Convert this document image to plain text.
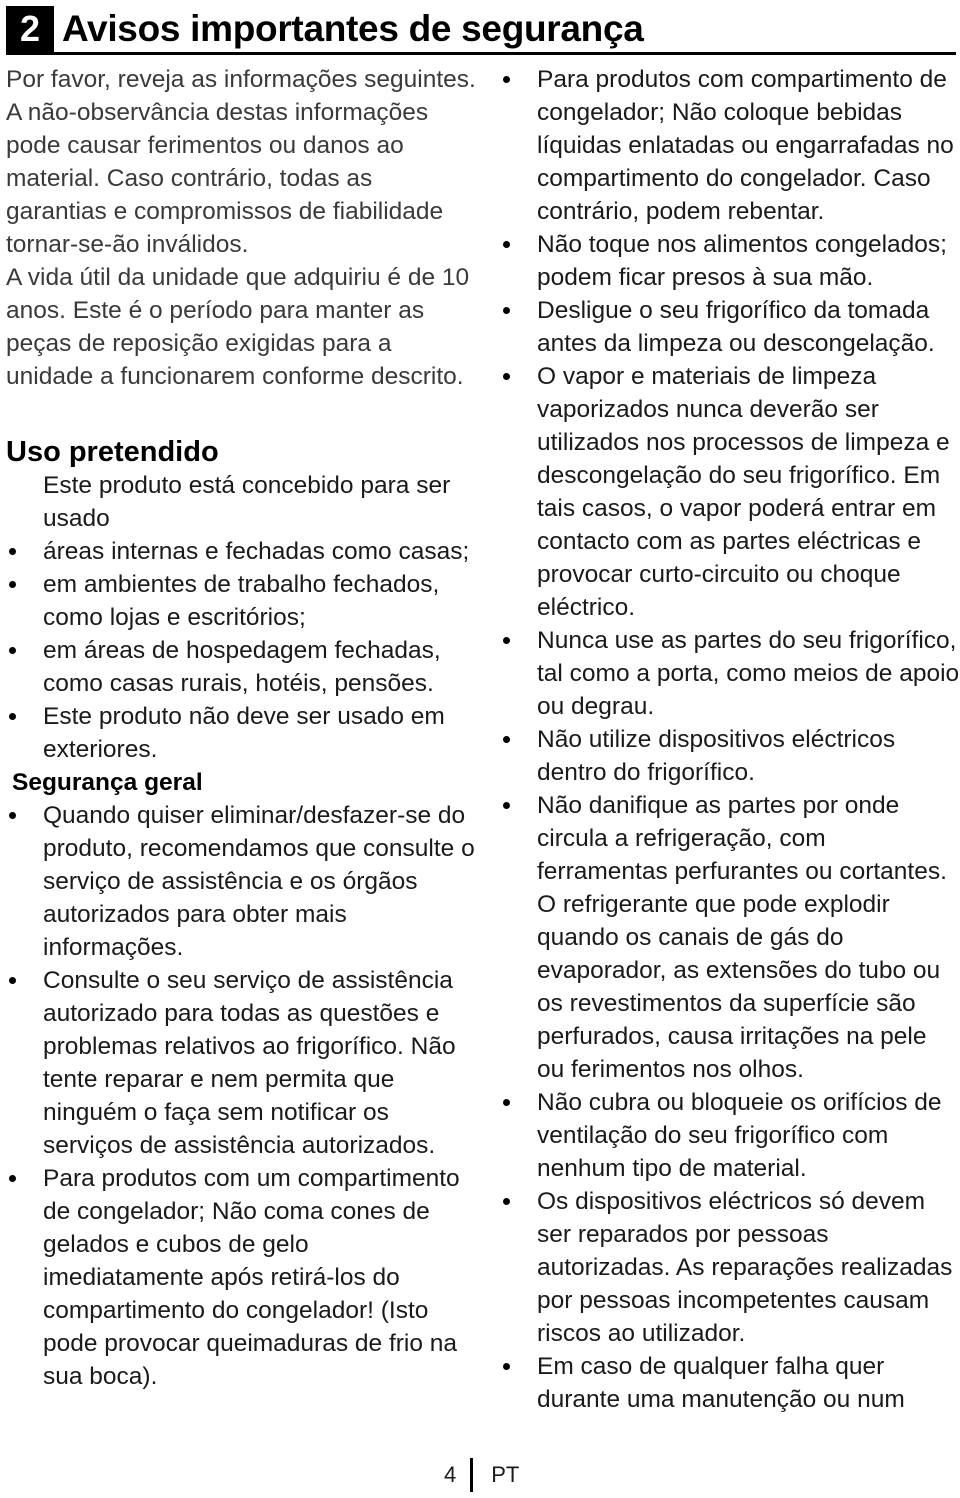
2 Avisos importantes de segurança

Por favor, reveja as informações seguintes. A não-observância destas informações pode causar ferimentos ou danos ao material. Caso contrário, todas as garantias e compromissos de fiabilidade tornar-se-ão inválidos.

A vida útil da unidade que adquiriu é de 10 anos. Este é o período para manter as peças de reposição exigidas para a unidade a funcionarem conforme descrito.

Uso pretendido
Este produto está concebido para ser usado
áreas internas e fechadas como casas;
em ambientes de trabalho fechados, como lojas e escritórios;
em áreas de hospedagem fechadas, como casas rurais, hotéis, pensões.
Este produto não deve ser usado em exteriores.
Segurança geral
Quando quiser eliminar/desfazer-se do produto, recomendamos que consulte o serviço de assistência e os órgãos autorizados para obter mais informações.
Consulte o seu serviço de assistência autorizado para todas as questões e problemas relativos ao frigorífico. Não tente reparar e nem permita que ninguém o faça sem notificar os serviços de assistência autorizados.
Para produtos com um compartimento de congelador; Não coma cones de gelados e cubos de gelo imediatamente após retirá-los do compartimento do congelador! (Isto pode provocar queimaduras de frio na sua boca).
Para produtos com compartimento de congelador; Não coloque bebidas líquidas enlatadas ou engarrafadas no compartimento do congelador. Caso contrário, podem rebentar.
Não toque nos alimentos congelados; podem ficar presos à sua mão.
Desligue o seu frigorífico da tomada antes da limpeza ou descongelação.
O vapor e materiais de limpeza vaporizados nunca deverão ser utilizados nos processos de limpeza e descongelação do seu frigorífico. Em tais casos, o vapor poderá entrar em contacto com as partes eléctricas e provocar curto-circuito ou choque eléctrico.
Nunca use as partes do seu frigorífico, tal como a porta, como meios de apoio ou degrau.
Não utilize dispositivos eléctricos dentro do frigorífico.
Não danifique as partes por onde circula a refrigeração, com ferramentas perfurantes ou cortantes. O refrigerante que pode explodir quando os canais de gás do evaporador, as extensões do tubo ou os revestimentos da superfície são perfurados, causa irritações na pele ou ferimentos nos olhos.
Não cubra ou bloqueie os orifícios de ventilação do seu frigorífico com nenhum tipo de material.
Os dispositivos eléctricos só devem ser reparados por pessoas autorizadas. As reparações realizadas por pessoas incompetentes causam riscos ao utilizador.
Em caso de qualquer falha quer durante uma manutenção ou num
4 PT
